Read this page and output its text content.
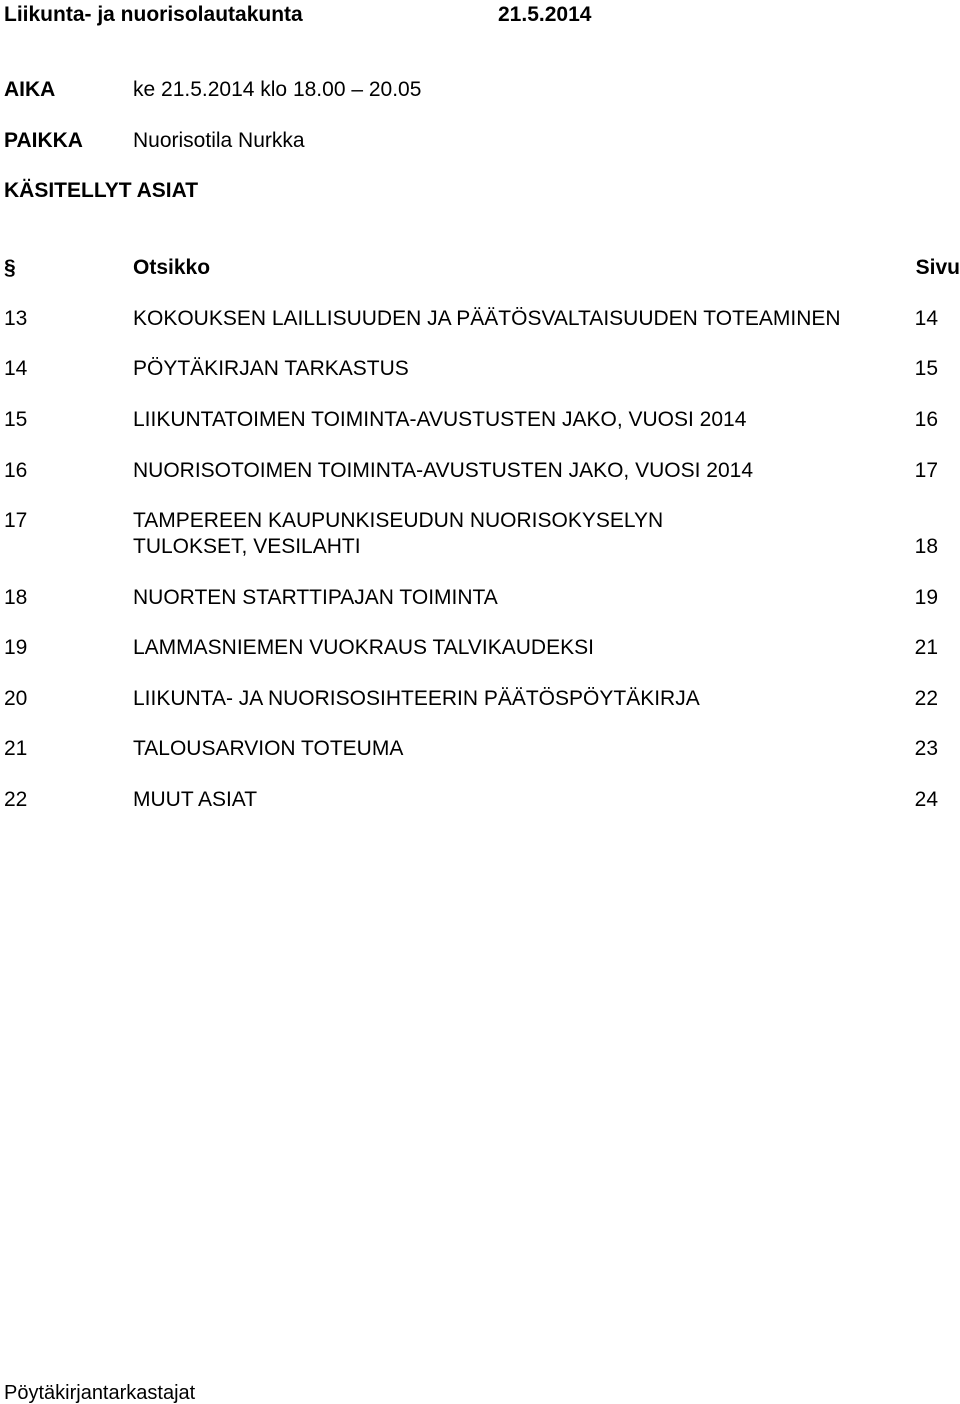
Liikunta- ja nuorisolautakunta	21.5.2014
AIKA	ke 21.5.2014 klo 18.00 – 20.05
PAIKKA Nuorisotila Nurkka
KÄSITELLYT ASIAT
§	Otsikko	Sivu
13	KOKOUKSEN LAILLISUUDEN JA PÄÄTÖSVALTAISUUDEN TOTEAMINEN	14
14	PÖYTÄKIRJAN TARKASTUS	15
15	LIIKUNTATOIMEN TOIMINTA-AVUSTUSTEN JAKO, VUOSI 2014	16
16	NUORISOTOIMEN TOIMINTA-AVUSTUSTEN JAKO, VUOSI 2014	17
17	TAMPEREEN KAUPUNKISEUDUN NUORISOKYSELYN
TULOKSET, VESILAHTI	18
18	NUORTEN STARTTIPAJAN TOIMINTA	19
19	LAMMASNIEMEN VUOKRAUS TALVIKAUDEKSI	21
20	LIIKUNTA- JA NUORISOSIHTEERIN PÄÄTÖSPÖYTÄKIRJA	22
21	TALOUSARVION TOTEUMA	23
22	MUUT ASIAT	24
Pöytäkirjantarkastajat
